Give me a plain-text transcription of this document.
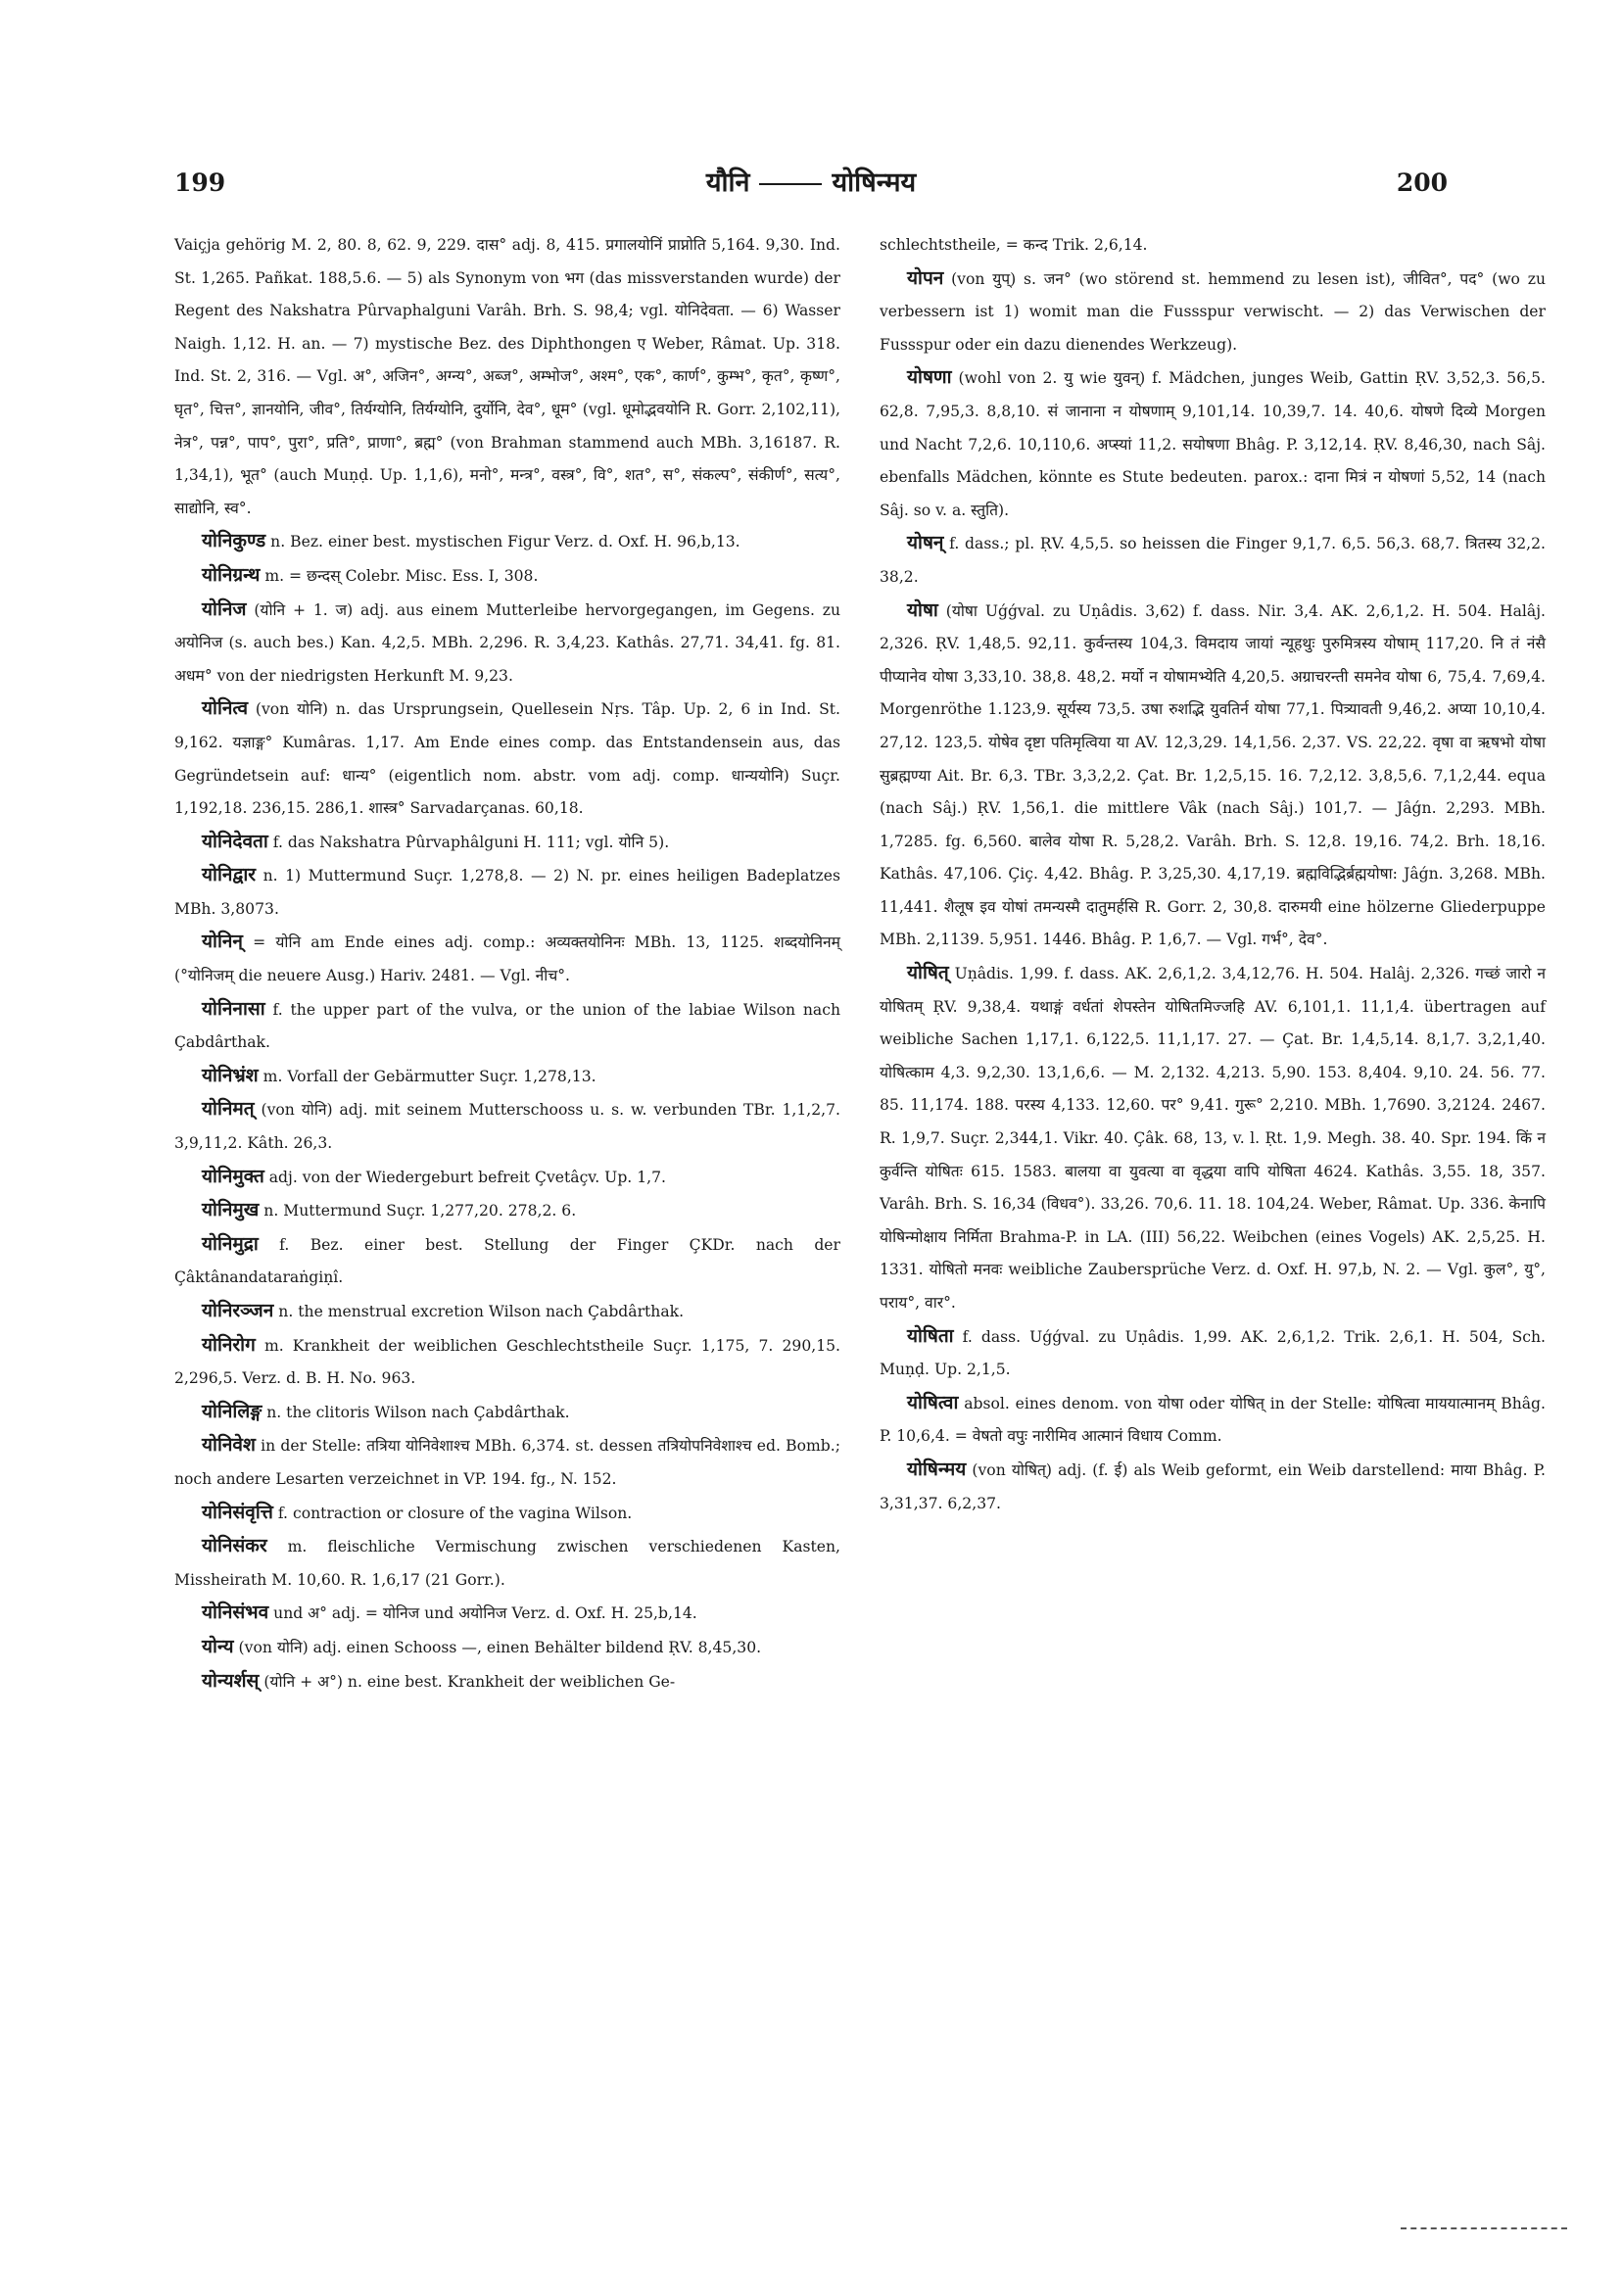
199	यौनि	योषिन्मय	200

Vaiçja gehörig M. 2, 80. 8, 62. 9, 229. दास° adj. 8, 415. प्रगालयोनिं प्राप्नोति 5,164. 9,30. Ind. St. 1,265. Pañkat. 188,5.6. — 5) als Synonym von भग (das missverstanden wurde) der Regent des Nakshatra Pûrvaphalguni Varâh. Brh. S. 98,4; vgl. योनिदेवता. — 6) Wasser Naigh. 1,12. H. an. — 7) mystische Bez. des Diphthongen ए Weber, Râmat. Up. 318. Ind. St. 2, 316. — Vgl. अ°, अजिन°, अग्न्य°, अब्ज°, अम्भोज°, अश्म°, एक°, कार्ण°, कुम्भ°, कृत°, कृष्ण°, घृत°, चित्त°, ज्ञानयोनि, जीव°, तिर्यग्योनि, तिर्यग्योनि, दुर्योनि, देव°, धूम° (vgl. धूमोद्भवयोनि R. Gorr. 2,102,11), नेत्र°, पन्न°, पाप°, पुरा°, प्रति°, प्राणा°, ब्रह्म° (von Brahman stammend auch MBh. 3,16187. R. 1,34,1), भूत° (auch Muṇḍ. Up. 1,1,6), मनो°, मन्त्र°, वस्त्र°, वि°, शत°, स°, संकल्प°, संकीर्ण°, सत्य°, साद्योनि, स्व°.

योनिकुण्ड n. Bez. einer best. mystischen Figur Verz. d. Oxf. H. 96,b,13.

योनिग्रन्थ m. = छन्दस् Colebr. Misc. Ess. I, 308.

योनिज (योनि + 1. ज) adj. aus einem Mutterleibe hervorgegangen, im Gegens. zu अयोनिज (s. auch bes.) Kan. 4,2,5. MBh. 2,296. R. 3,4,23. Kathâs. 27,71. 34,41. fg. 81. अधम° von der niedrigsten Herkunft M. 9,23.

योनित्व (von योनि) n. das Ursprungsein, Quellesein Nṛs. Tâp. Up. 2, 6 in Ind. St. 9,162. यज्ञाङ्ग° Kumâras. 1,17. Am Ende eines comp. das Entstandensein aus, das Gegründetsein auf: धान्य° (eigentlich nom. abstr. vom adj. comp. धान्ययोनि) Suçr. 1,192,18. 236,15. 286,1. शास्त्र° Sarvadarçanas. 60,18.

योनिदेवता f. das Nakshatra Pûrvaphâlguni H. 111; vgl. योनि 5).

योनिद्वार n. 1) Muttermund Suçr. 1,278,8. — 2) N. pr. eines heiligen Badeplatzes MBh. 3,8073.

योनिन् = योनि am Ende eines adj. comp.: अव्यक्तयोनिनः MBh. 13, 1125. शब्दयोनिनम् (°योनिजम् die neuere Ausg.) Hariv. 2481. — Vgl. नीच°.

योनिनासा f. the upper part of the vulva, or the union of the labiae Wilson nach Çabdârthak.

योनिभ्रंश m. Vorfall der Gebärmutter Suçr. 1,278,13.

योनिमत् (von योनि) adj. mit seinem Mutterschooss u. s. w. verbunden TBr. 1,1,2,7. 3,9,11,2. Kâth. 26,3.

योनिमुक्त adj. von der Wiedergeburt befreit Çvetâçv. Up. 1,7.

योनिमुख n. Muttermund Suçr. 1,277,20. 278,2. 6.

योनिमुद्रा f. Bez. einer best. Stellung der Finger ÇKDr. nach der Çâktânandataraṅgiṇî.

योनिरञ्जन n. the menstrual excretion Wilson nach Çabdârthak.

योनिरोग m. Krankheit der weiblichen Geschlechtstheile Suçr. 1,175, 7. 290,15. 2,296,5. Verz. d. B. H. No. 963.

योनिलिङ्ग n. the clitoris Wilson nach Çabdârthak.

योनिवेश in der Stelle: तत्रिया योनिवेशाश्च MBh. 6,374. st. dessen तत्रियोपनिवेशाश्च ed. Bomb.; noch andere Lesarten verzeichnet in VP. 194. fg., N. 152.

योनिसंवृत्ति f. contraction or closure of the vagina Wilson.

योनिसंकर m. fleischliche Vermischung zwischen verschiedenen Kasten, Missheirath M. 10,60. R. 1,6,17 (21 Gorr.).

योनिसंभव und अ° adj. = योनिज und अयोनिज Verz. d. Oxf. H. 25,b,14.

योन्य (von योनि) adj. einen Schooss —, einen Behälter bildend ṚV. 8,45,30.

योन्यर्शस् (योनि + अ°) n. eine best. Krankheit der weiblichen Ge-

schlechtstheile, = कन्द Trik. 2,6,14.

योपन (von युप्) s. जन° (wo störend st. hemmend zu lesen ist), जीवित°, पद° (wo zu verbessern ist 1) womit man die Fussspur verwischt. — 2) das Verwischen der Fussspur oder ein dazu dienendes Werkzeug).

योषणा (wohl von 2. यु wie युवन्) f. Mädchen, junges Weib, Gattin ṚV. 3,52,3. 56,5. 62,8. 7,95,3. 8,8,10. सं जानाना न योषणाम् 9,101,14. 10,39,7. 14. 40,6. योषणे दिव्ये Morgen und Nacht 7,2,6. 10,110,6. अप्स्यां 11,2. सयोषणा Bhâg. P. 3,12,14. ṚV. 8,46,30, nach Sâj. ebenfalls Mädchen, könnte es Stute bedeuten. parox.: दाना मित्रं न योषणां 5,52, 14 (nach Sâj. so v. a. स्तुति).

योषन् f. dass.; pl. ṚV. 4,5,5. so heissen die Finger 9,1,7. 6,5. 56,3. 68,7. त्रितस्य 32,2. 38,2.

योषा (योषा Uǵǵval. zu Uṇâdis. 3,62) f. dass. Nir. 3,4. AK. 2,6,1,2. H. 504. Halâj. 2,326. ṚV. 1,48,5. 92,11. कुर्वन्तस्य 104,3. विमदाय जायां न्यूहथुः पुरुमित्रस्य योषाम् 117,20. नि तं नंसै पीप्यानेव योषा 3,33,10. 38,8. 48,2. मर्यो न योषामभ्येति 4,20,5. अग्राचरन्ती समनेव योषा 6, 75,4. 7,69,4. Morgenröthe 1.123,9. सूर्यस्य 73,5. उषा रुशद्भि युवतिर्न योषा 77,1. पित्र्यावती 9,46,2. अप्या 10,10,4. 27,12. 123,5. योषेव दृष्टा पतिमृत्विया या AV. 12,3,29. 14,1,56. 2,37. VS. 22,22. वृषा वा ऋषभो योषा सुब्रह्मण्या Ait. Br. 6,3. TBr. 3,3,2,2. Çat. Br. 1,2,5,15. 16. 7,2,12. 3,8,5,6. 7,1,2,44. equa (nach Sâj.) ṚV. 1,56,1. die mittlere Vâk (nach Sâj.) 101,7. — Jâǵn. 2,293. MBh. 1,7285. fg. 6,560. बालेव योषा R. 5,28,2. Varâh. Brh. S. 12,8. 19,16. 74,2. Brh. 18,16. Kathâs. 47,106. Çiç. 4,42. Bhâg. P. 3,25,30. 4,17,19. ब्रह्मविद्भिर्ब्रह्मयोषा: Jâǵn. 3,268. MBh. 11,441. शैलूष इव योषां तमन्यस्मै दातुमर्हसि R. Gorr. 2, 30,8. दारुमयी eine hölzerne Gliederpuppe MBh. 2,1139. 5,951. 1446. Bhâg. P. 1,6,7. — Vgl. गर्भ°, देव°.

योषित् Uṇâdis. 1,99. f. dass. AK. 2,6,1,2. 3,4,12,76. H. 504. Halâj. 2,326. गच्छं जारो न योषितम् ṚV. 9,38,4. यथाङ्गं वर्धतां शेपस्तेन योषितमिज्जहि AV. 6,101,1. 11,1,4. übertragen auf weibliche Sachen 1,17,1. 6,122,5. 11,1,17. 27. — Çat. Br. 1,4,5,14. 8,1,7. 3,2,1,40. योषित्काम 4,3. 9,2,30. 13,1,6,6. — M. 2,132. 4,213. 5,90. 153. 8,404. 9,10. 24. 56. 77. 85. 11,174. 188. परस्य 4,133. 12,60. पर° 9,41. गुरू° 2,210. MBh. 1,7690. 3,2124. 2467. R. 1,9,7. Suçr. 2,344,1. Vikr. 40. Çâk. 68, 13, v. l. Ṛt. 1,9. Megh. 38. 40. Spr. 194. किं न कुर्वन्ति योषितः 615. 1583. बालया वा युवत्या वा वृद्धया वापि योषिता 4624. Kathâs. 3,55. 18, 357. Varâh. Brh. S. 16,34 (विधव°). 33,26. 70,6. 11. 18. 104,24. Weber, Râmat. Up. 336. केनापि योषिन्मोक्षाय निर्मिता Brahma-P. in LA. (III) 56,22. Weibchen (eines Vogels) AK. 2,5,25. H. 1331. योषितो मनवः weibliche Zaubersprüche Verz. d. Oxf. H. 97,b, N. 2. — Vgl. कुल°, यु°, पराय°, वार°.

योषिता f. dass. Uǵǵval. zu Uṇâdis. 1,99. AK. 2,6,1,2. Trik. 2,6,1. H. 504, Sch. Muṇḍ. Up. 2,1,5.

योषित्वा absol. eines denom. von योषा oder योषित् in der Stelle: योषित्वा माययात्मानम् Bhâg. P. 10,6,4. = वेषतो वपुः नारीमिव आत्मानं विधाय Comm.

योषिन्मय (von योषित्) adj. (f. ई) als Weib geformt, ein Weib darstellend: माया Bhâg. P. 3,31,37. 6,2,37.
